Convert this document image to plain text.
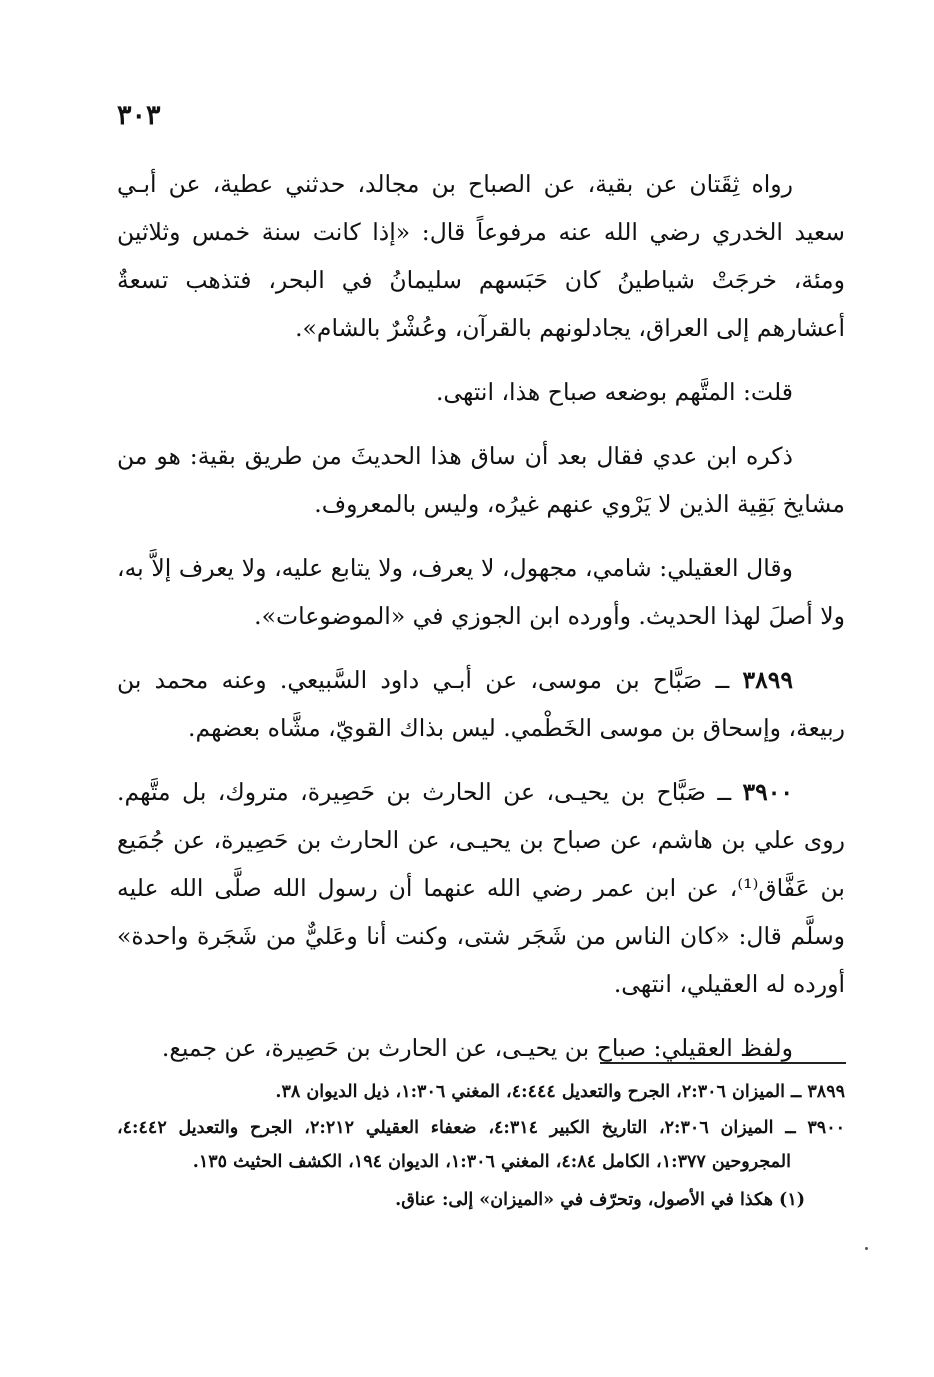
٣٠٣

رواه ثِقَتان عن بقية، عن الصباح بن مجالد، حدثني عطية، عن أبـي سعيد الخدري رضي الله عنه مرفوعاً قال: «إذا كانت سنة خمس وثلاثين ومئة، خرجَتْ شياطينُ كان حَبَسهم سليمانُ في البحر، فتذهب تسعةٌ أعشارهم إلى العراق، يجادلونهم بالقرآن، وعُشْرٌ بالشام».

قلت: المتَّهم بوضعه صباح هذا، انتهى.

ذكره ابن عدي فقال بعد أن ساق هذا الحديثَ من طريق بقية: هو من مشايخ بَقِية الذين لا يَرْوي عنهم غيرُه، وليس بالمعروف.

وقال العقيلي: شامي، مجهول، لا يعرف، ولا يتابع عليه، ولا يعرف إلاَّ به، ولا أصلَ لهذا الحديث. وأورده ابن الجوزي في «الموضوعات».

٣٨٩٩ ــ صَبَّاح بن موسى، عن أبـي داود السَّبيعي. وعنه محمد بن ربيعة، وإسحاق بن موسى الخَطْمي. ليس بذاك القويّ، مشَّاه بعضهم.

٣٩٠٠ ــ صَبَّاح بن يحيـى، عن الحارث بن حَصِيرة، متروك، بل متَّهم. روى علي بن هاشم، عن صباح بن يحيـى، عن الحارث بن حَصِيرة، عن جُمَيع بن عَفَّاق⁽¹⁾، عن ابن عمر رضي الله عنهما أن رسول الله صلَّى الله عليه وسلَّم قال: «كان الناس من شَجَر شتى، وكنت أنا وعَليٌّ من شَجَرة واحدة» أورده له العقيلي، انتهى.

ولفظ العقيلي: صباح بن يحيـى، عن الحارث بن حَصِيرة، عن جميع.

٣٨٩٩ ــ الميزان ٢:٣٠٦، الجرح والتعديل ٤:٤٤٤، المغني ١:٣٠٦، ذيل الديوان ٣٨.
٣٩٠٠ ــ الميزان ٢:٣٠٦، التاريخ الكبير ٤:٣١٤، ضعفاء العقيلي ٢:٢١٢، الجرح والتعديل ٤:٤٤٢، المجروحين ١:٣٧٧، الكامل ٤:٨٤، المغني ١:٣٠٦، الديوان ١٩٤، الكشف الحثيث ١٣٥.
(١) هكذا في الأصول، وتحرّف في «الميزان» إلى: عناق.
